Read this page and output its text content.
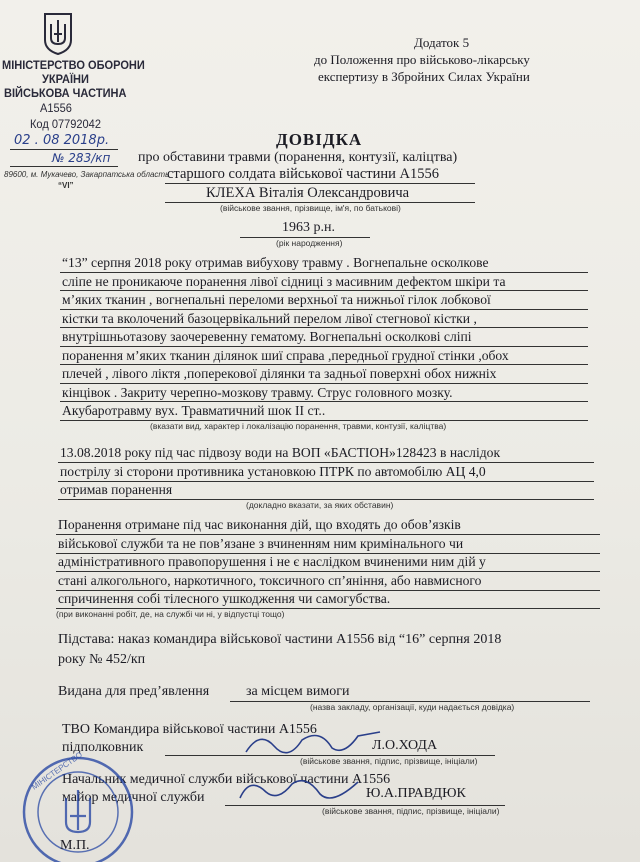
МІНІСТЕРСТВО ОБОРОНИ
УКРАЇНИ
ВІЙСЬКОВА ЧАСТИНА
А1556
Код 07792042
02 . 08 2018р.
№ 283/кп
89600, м. Мукачево, Закарпатська область
“VI”
Додаток 5
до Положення про військово-лікарську
експертизу в Збройних Силах України
ДОВІДКА
про обставини травми (поранення, контузії, каліцтва)
старшого солдата військової частини А1556
КЛЕХА Віталія Олександровича
(військове звання, прізвище, ім'я, по батькові)
1963 р.н.
(рік народження)
“13” серпня 2018 року отримав вибухову травму . Вогнепальне осколкове
сліпе не проникаюче поранення лівої сідниці з масивним дефектом шкіри та
м’яких тканин , вогнепальні переломи верхньої та нижньої гілок лобкової
кістки та вколочений базоцервікальний перелом лівої стегнової кістки ,
внутрішньотазову заочеревенну гематому. Вогнепальні осколкові сліпі
поранення м’яких тканин ділянок шиї справа ,передньої грудної стінки ,обох
плечей , лівого ліктя ,поперекової ділянки та задньої поверхні обох нижніх
кінцівок . Закриту черепно-мозкову травму. Струс головного мозку.
Акубаротравму вух. Травматичний шок ІІ ст..
(вказати вид, характер і локалізацію поранення, травми, контузії, каліцтва)
13.08.2018 року під час підвозу води на ВОП «БАСТІОН»128423 в наслідок
пострілу зі сторони противника установкою ПТРК по автомобілю АЦ 4,0
отримав поранення
(докладно вказати, за яких обставин)
Поранення отримане під час виконання дій, що входять до обов’язків
військової служби та не пов’язане з вчиненням ним кримінального чи
адміністративного правопорушення і не є наслідком вчиненими ним дій у
стані алкогольного, наркотичного, токсичного сп’яніння, або навмисного
спричинення собі тілесного ушкодження чи самогубства.
(при виконанні робіт, де, на службі чи ні, у відпустці тощо)
Підстава: наказ командира військової частини А1556 від “16” серпня 2018
року № 452/кп
Видана для пред’явлення	за місцем вимоги
(назва закладу, організації, куди надається довідка)
ТВО Командира військової частини А1556
підполковник	Л.О.ХОДА
(військове звання, підпис, прізвище, ініціали)
Начальник медичної служби військової частини А1556
майор медичної служби	Ю.А.ПРАВДЮК
(військове звання, підпис, прізвище, ініціали)
МІНІСТЕРСТВО
М.П.
